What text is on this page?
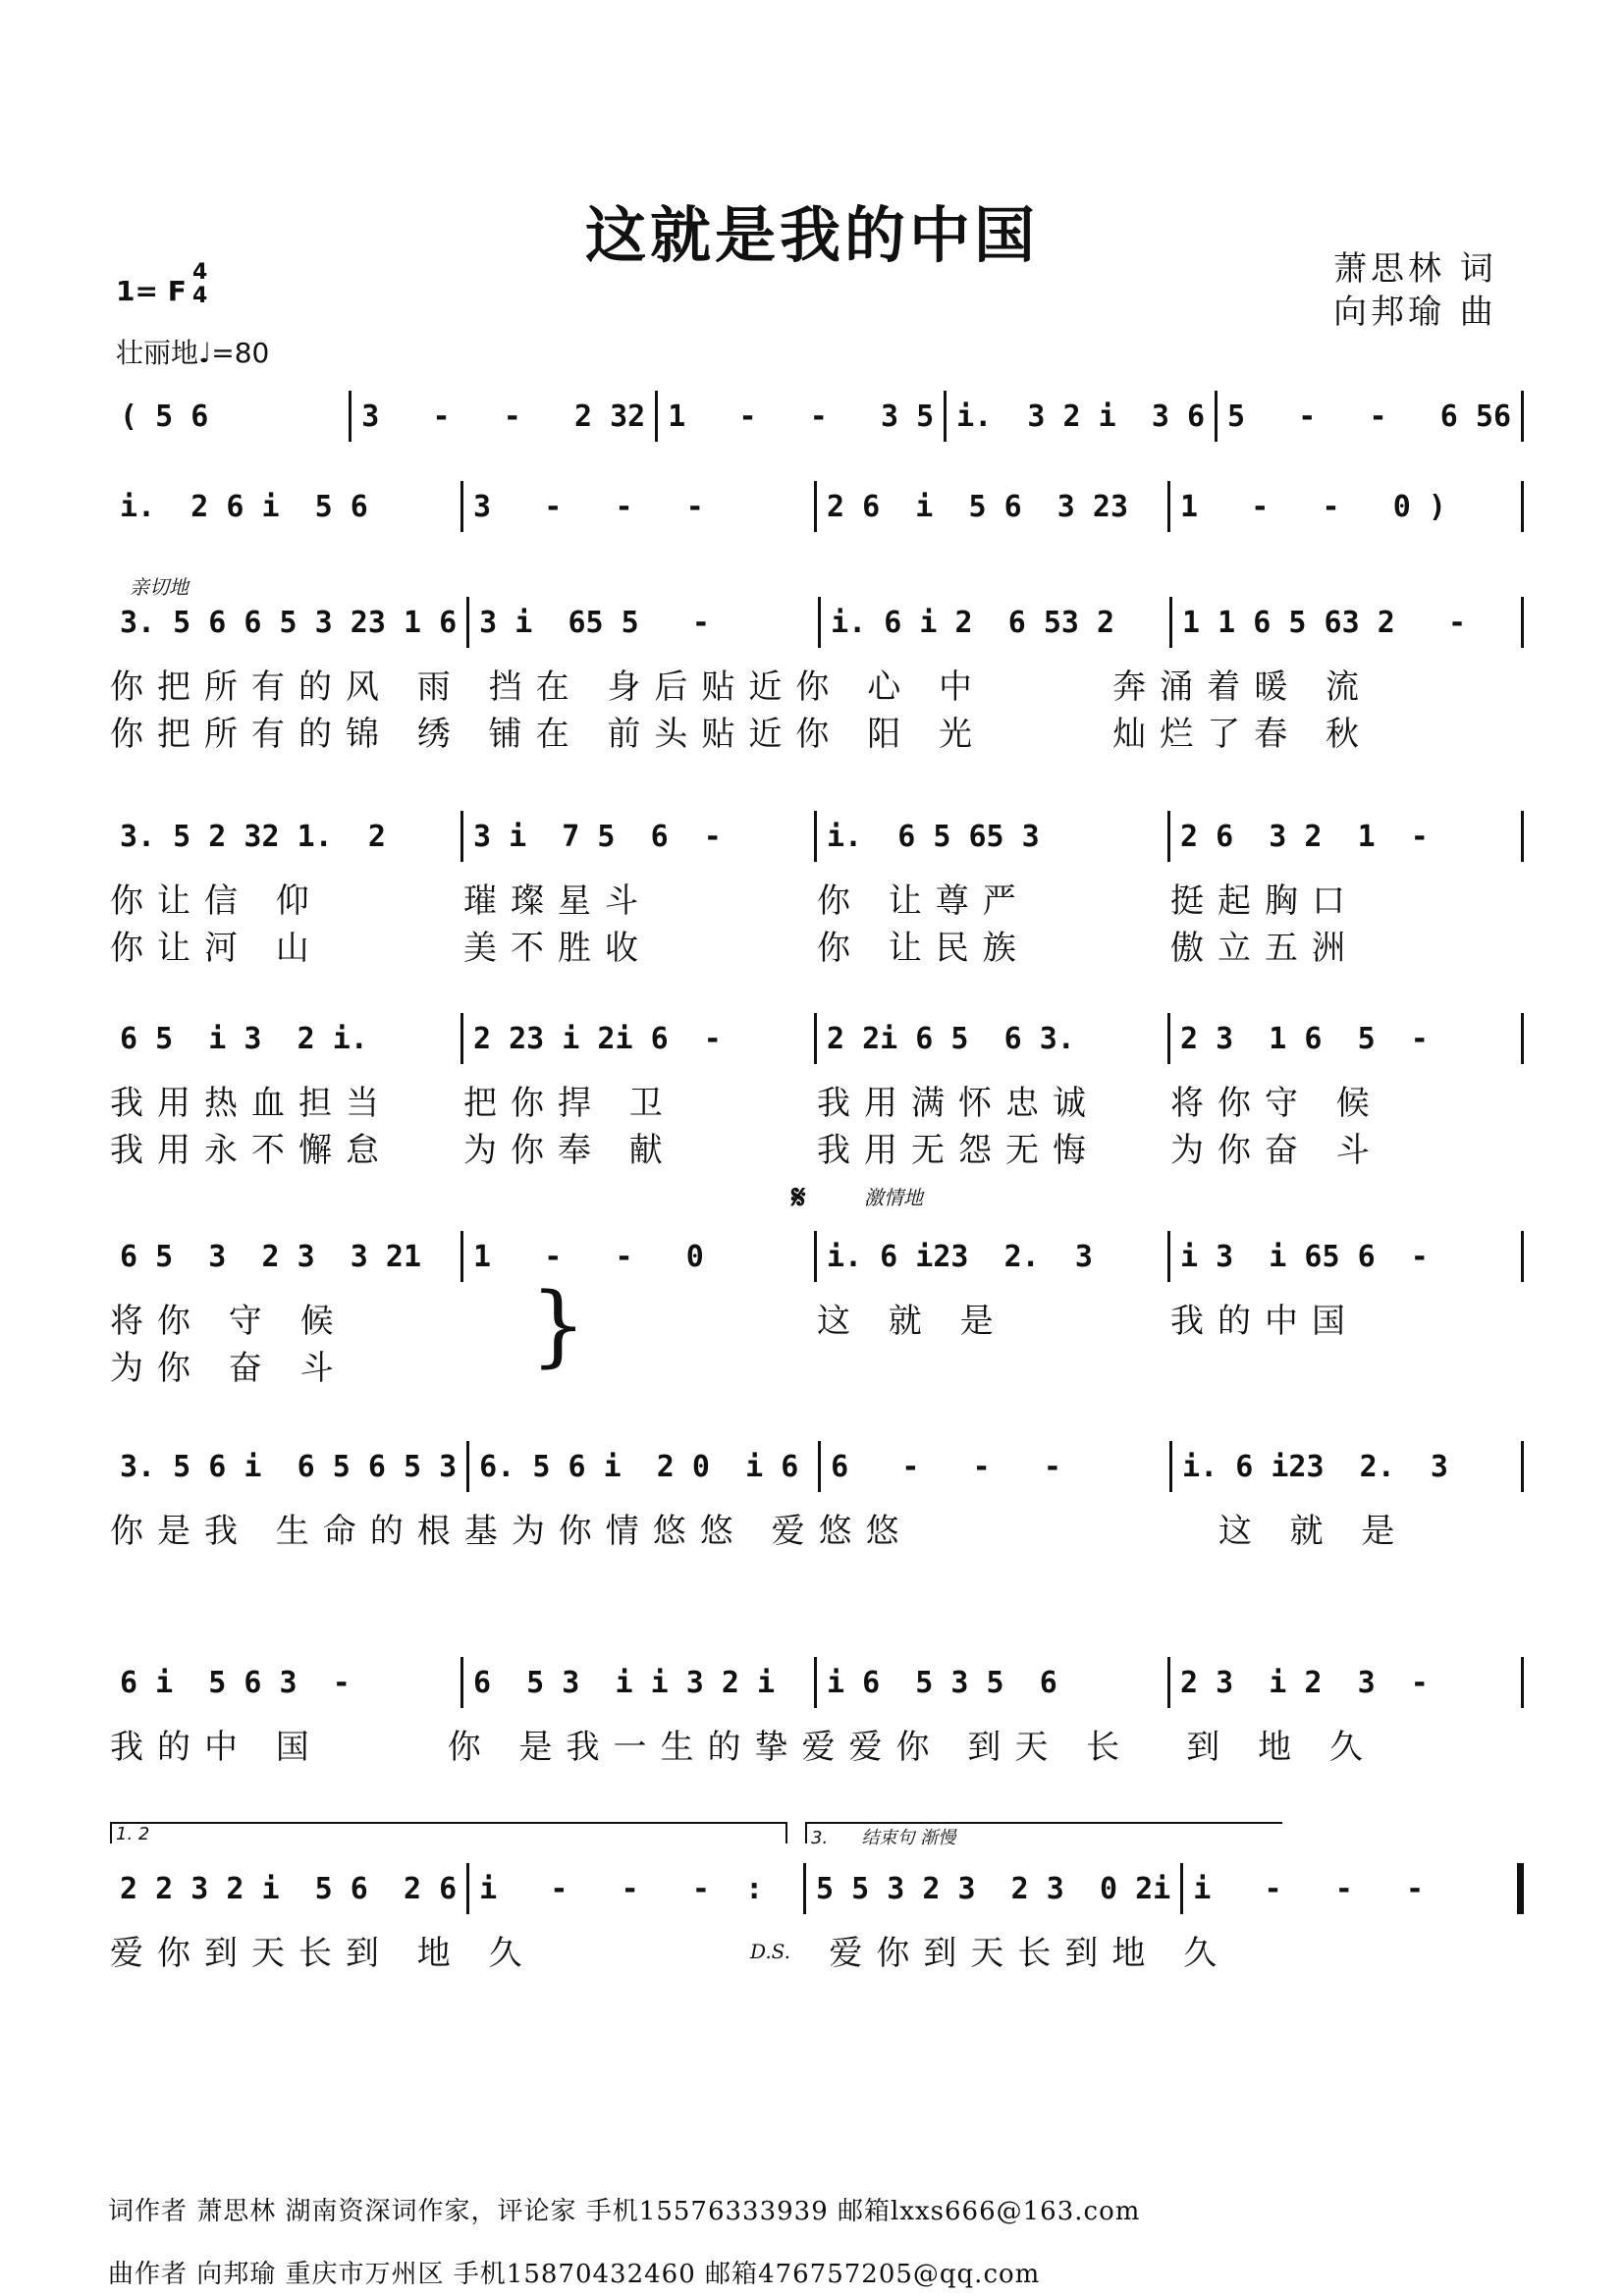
这就是我的中国	萧思林 词
向邦瑜 曲
1= F
4
4
壮丽地♩=80
亲切地
𝄋	激情地
1. 2	3. 结束句 渐慢
D.S.
}
( 5 6	3   -   -   2 32 1   -   -   3 5 i.  3 2 i  3 6 5   -   -   6 56
i.  2 6 i  5 6	3   -   -   -	2 6  i  5 6  3 23	1   -   -   0 )
3. 5 6 6 5 3 23 1 6 3 i  65 5   -	i. 6 i 2  6 53 2	1 1 6 5 63 2   -
你把所有的风 雨 挡在 身后 贴近你 心 中	奔涌着暖 流
你把所有的锦 绣 铺在 前头 贴近你 阳 光	灿烂了春 秋
3. 5 2 32 1.  2	3 i  7 5  6  -	i.  6 5 65 3	2 6  3 2  1  -
你让信 仰	璀璨星斗	你 让尊严	挺起胸口
你让河 山	美不胜收	你 让民族	傲立五洲
6 5  i 3  2 i.	2 23 i 2i 6  -	2 2i 6 5  6 3.	2 3  1 6  5  -
我用热血担当	把你捍 卫	我用满怀忠诚	将你守 候
我用永不懈怠	为你奉 献	我用无怨无悔	为你奋 斗
6 5  3  2 3  3 21	1   -   -   0	i. 6 i23  2.  3	i 3  i 65 6  -
将你 守 候	这 就 是	我的中国
为你 奋 斗
3. 5 6 i  6 5 6 5 3 6. 5 6 i  2 0  i 6	6   -   -   -	i. 6 i23  2.  3
你是我 生命的根基 为你情悠悠 爱悠悠	这 就 是
6 i  5 6 3  -	6  5 3  i i 3 2 i	i 6  5 3 5  6	2 3  i 2  3  -
我的中 国	你 是我一生的挚爱 爱你 到天 长	到 地 久
2 2 3 2 i  5 6  2 6 i   -   -   -  :	5 5 3 2 3  2 3  0 2i i   -   -   -
爱你到天长到 地 久	爱你到天长到地 久
词作者 萧思林 湖南资深词作家，评论家 手机15576333939 邮箱lxxs666@163.com
曲作者 向邦瑜 重庆市万州区 手机15870432460 邮箱476757205@qq.com
